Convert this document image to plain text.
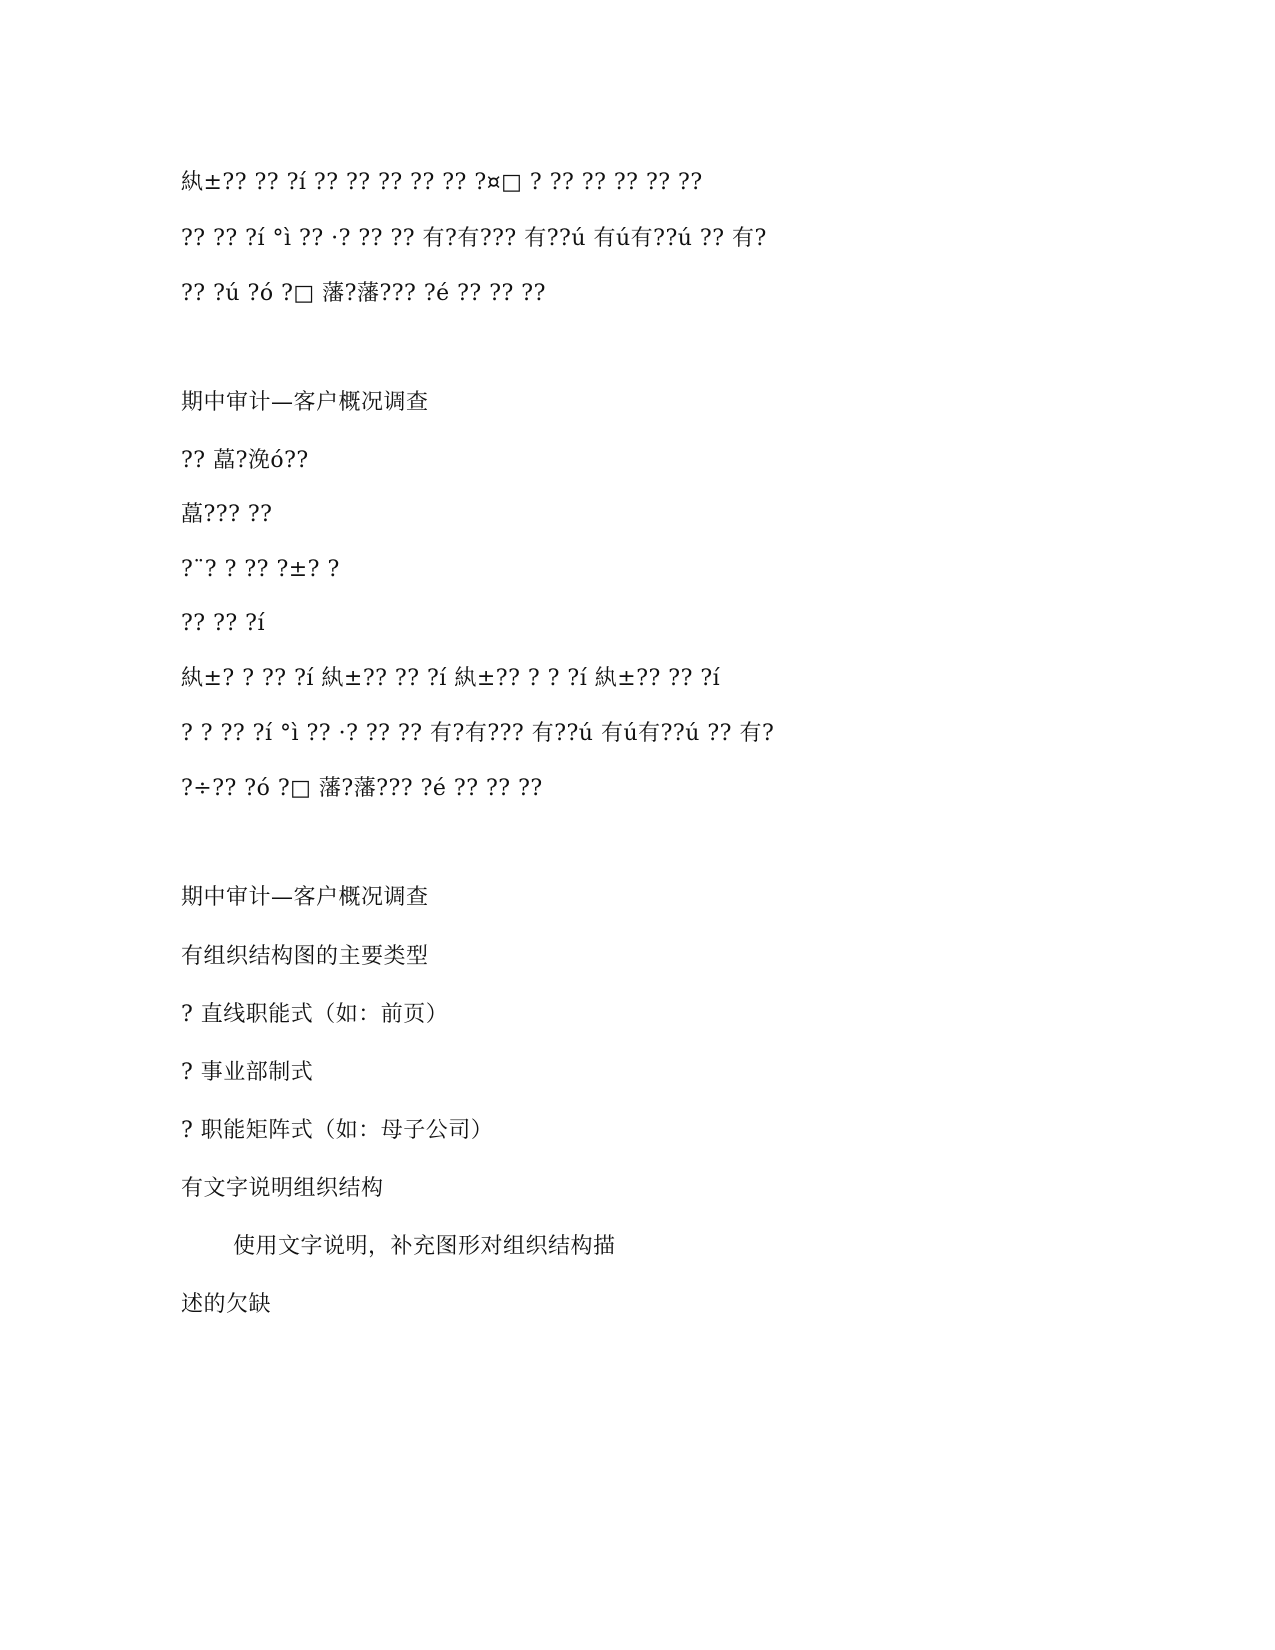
紈±?? ?? ?í ?? ?? ?? ?? ?? ?¤□ ? ?? ?? ?? ?? ??
?? ?? ?í °ì ?? ·? ?? ?? 有?有??? 有??ú 有ú有??ú ?? 有?
?? ?ú ?ó ?□ 藩?藩??? ?é ?? ?? ??
期中审计—客户概况调查
?? 藠?浼ó??
藠??? ??
?¨? ? ?? ?±? ?
?? ?? ?í
紈±? ? ?? ?í 紈±?? ?? ?í 紈±?? ? ? ?í 紈±?? ?? ?í
? ? ?? ?í °ì ?? ·? ?? ?? 有?有??? 有??ú 有ú有??ú ?? 有?
?÷?? ?ó ?□ 藩?藩??? ?é ?? ?? ??
期中审计—客户概况调查
有组织结构图的主要类型
? 直线职能式（如：前页）
? 事业部制式
? 职能矩阵式（如：母子公司）
有文字说明组织结构
使用文字说明，补充图形对组织结构描
述的欠缺
